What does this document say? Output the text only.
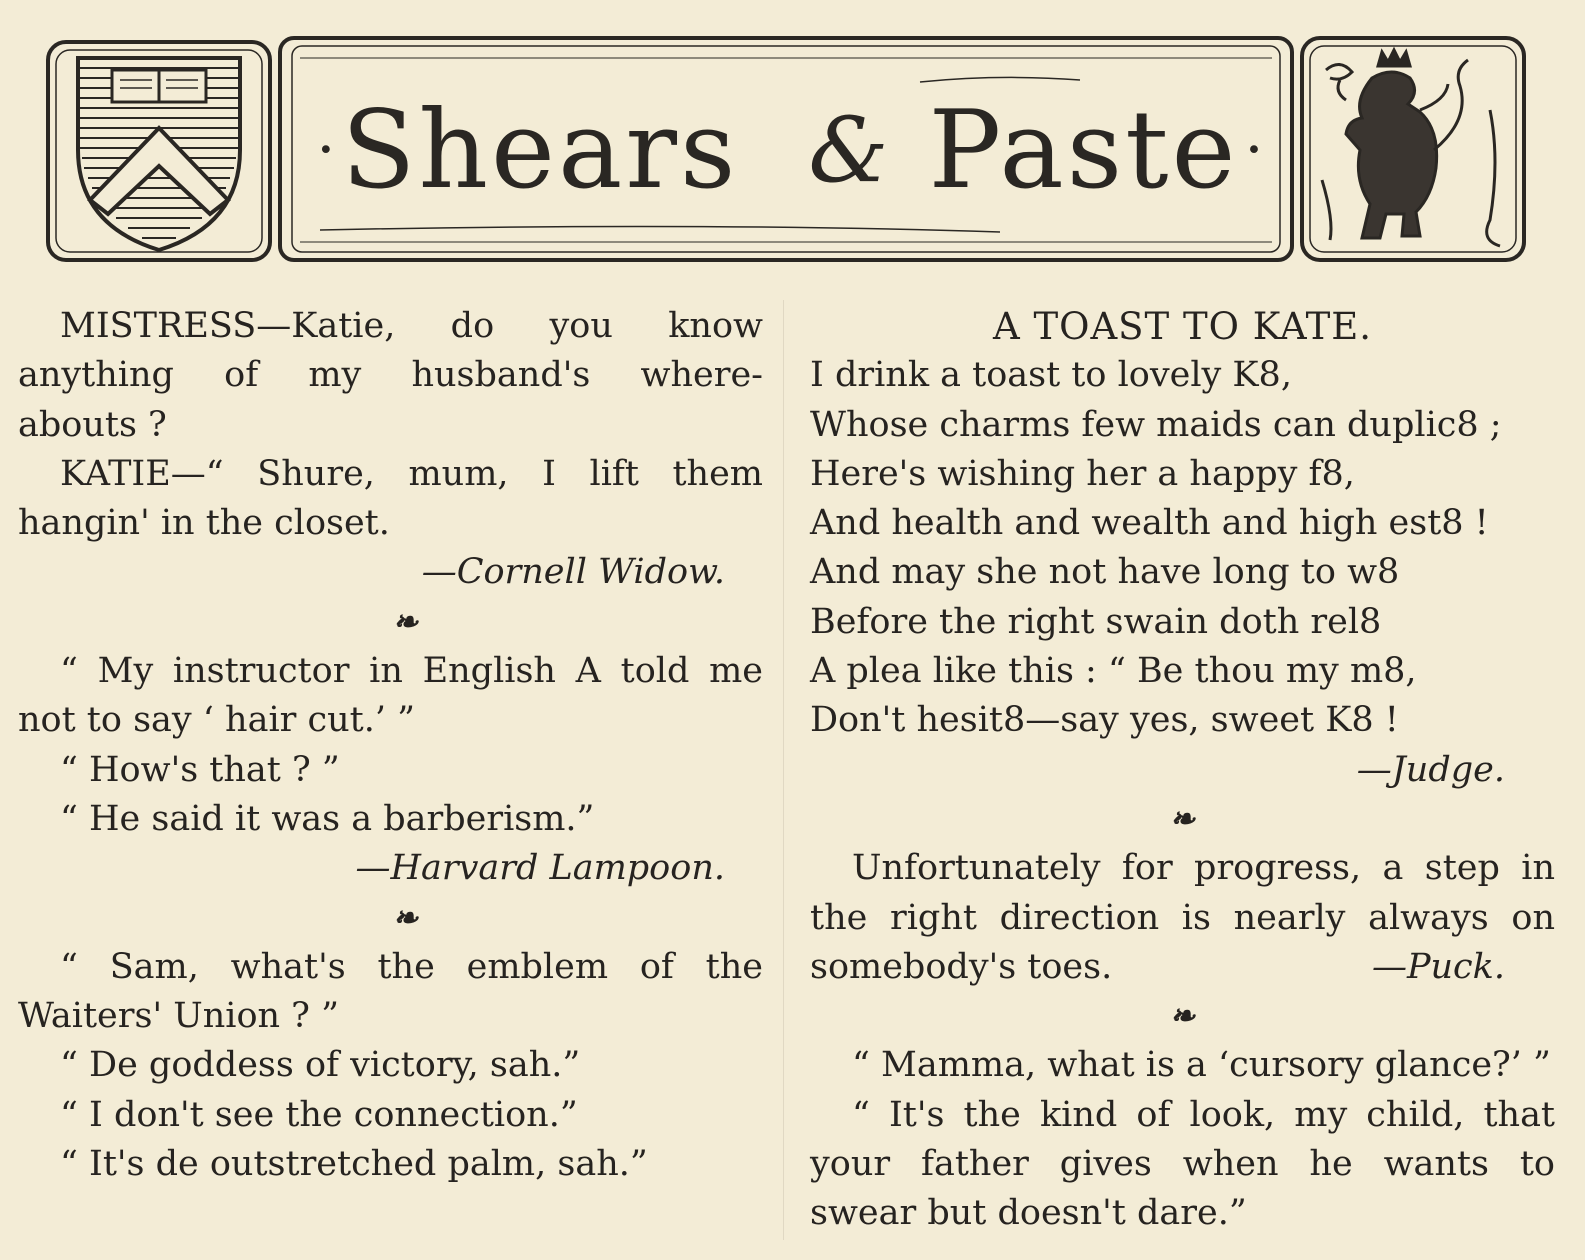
· Shears & Paste ·

MISTRESS—Katie, do you know

anything of my husband's where-

abouts ?

KATIE—“ Shure, mum, I lift them

hangin' in the closet.

—Cornell Widow.

❧

“ My instructor in English A told me

not to say ‘ hair cut.’ ”

“ How's that ? ”

“ He said it was a barberism.”

—Harvard Lampoon.

❧

“ Sam, what's the emblem of the

Waiters' Union ? ”

“ De goddess of victory, sah.”

“ I don't see the connection.”

“ It's de outstretched palm, sah.”

A TOAST TO KATE.

I drink a toast to lovely K8,

Whose charms few maids can duplic8 ;

Here's wishing her a happy f8,

And health and wealth and high est8 !

And may she not have long to w8

Before the right swain doth rel8

A plea like this : “ Be thou my m8,

Don't hesit8—say yes, sweet K8 !

—Judge.

❧

Unfortunately for progress, a step in

the right direction is nearly always on

somebody's toes.	—Puck.

❧

“ Mamma, what is a ‘cursory glance?’ ”

“ It's the kind of look, my child, that

your father gives when he wants to

swear but doesn't dare.”
